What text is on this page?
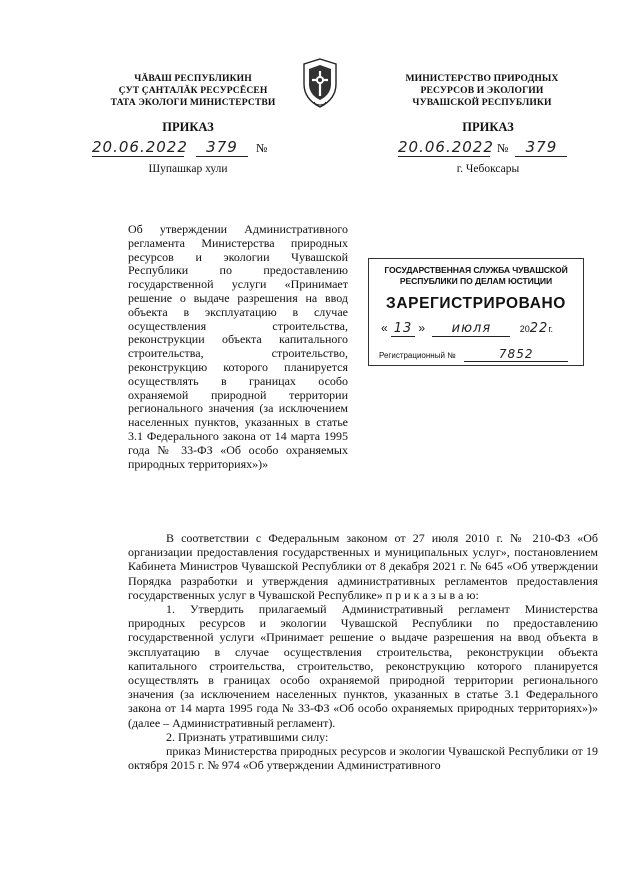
ЧĂВАШ РЕСПУБЛИКИН
ÇУТ ÇАНТАЛĂК РЕСУРСĔСЕН
ТАТА ЭКОЛОГИ МИНИСТЕРСТВИ
МИНИСТЕРСТВО ПРИРОДНЫХ
РЕСУРСОВ И ЭКОЛОГИИ
ЧУВАШСКОЙ РЕСПУБЛИКИ
ПРИКАЗ	ПРИКАЗ
20.06.2022 379 №	20.06.2022 № 379
Шупашкар хули	г. Чебоксары
Об утверждении Административного регламента Министерства природных ресурсов и экологии Чувашской Республики по предоставлению государственной услуги «Принимает решение о выдаче разрешения на ввод объекта в эксплуатацию в случае осуществления строительства, реконструкции объекта капитального строительства, строительство, реконструкцию которого планируется осуществлять в границах особо охраняемой природной территории регионального значения (за исключением населенных пунктов, указанных в статье 3.1 Федерального закона от 14 марта 1995 года № 33-ФЗ «Об особо охраняемых природных территориях»)»
ГОСУДАРСТВЕННАЯ СЛУЖБА ЧУВАШСКОЙ
РЕСПУБЛИКИ ПО ДЕЛАМ ЮСТИЦИИ
ЗАРЕГИСТРИРОВАНО
« 13 » июля	2022г.
Регистрационный №	7852

В соответствии с Федеральным законом от 27 июля 2010 г. № 210-ФЗ «Об организации предоставления государственных и муниципальных услуг», постановлением Кабинета Министров Чувашской Республики от 8 декабря 2021 г. № 645 «Об утверждении Порядка разработки и утверждения административных регламентов предоставления государственных услуг в Чувашской Республике» п р и к а з ы в а ю:

1. Утвердить прилагаемый Административный регламент Министерства природных ресурсов и экологии Чувашской Республики по предоставлению государственной услуги «Принимает решение о выдаче разрешения на ввод объекта в эксплуатацию в случае осуществления строительства, реконструкции объекта капитального строительства, строительство, реконструкцию которого планируется осуществлять в границах особо охраняемой природной территории регионального значения (за исключением населенных пунктов, указанных в статье 3.1 Федерального закона от 14 марта 1995 года № 33-ФЗ «Об особо охраняемых природных территориях»)» (далее – Административный регламент).

2. Признать утратившими силу:

приказ Министерства природных ресурсов и экологии Чувашской Республики от 19 октября 2015 г. № 974 «Об утверждении Административного
